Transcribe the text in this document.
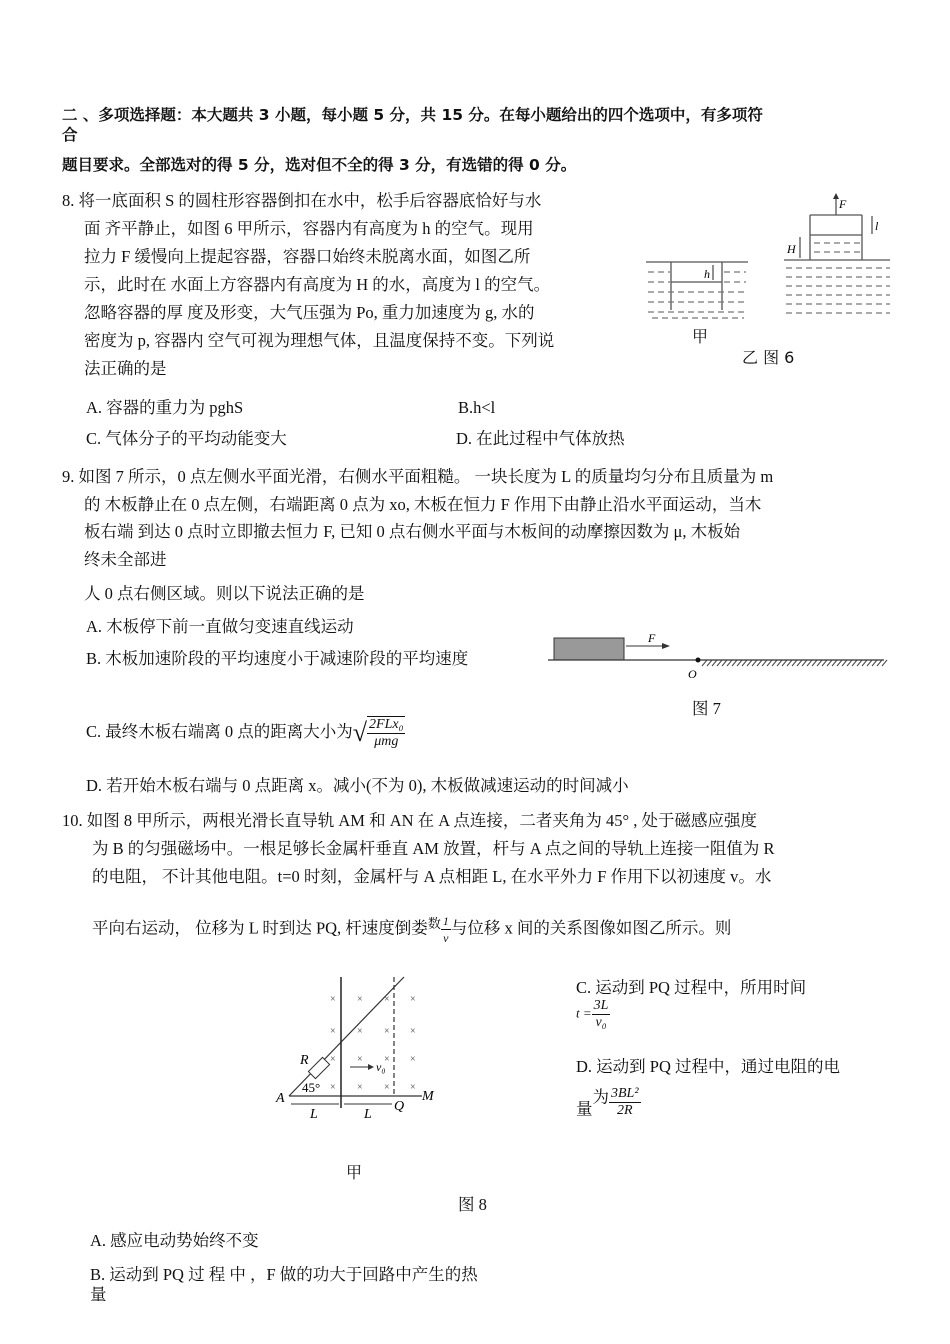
二 、多项选择题：本大题共 3 小题，每小题 5 分，共 15 分。在每小题给出的四个选项中，有多项符
合
题目要求。全部选对的得 5 分，选对但不全的得 3 分，有选错的得 0 分。
8. 将一底面积 S 的圆柱形容器倒扣在水中，松手后容器底恰好与水
面 齐平静止，如图 6 甲所示，容器内有高度为 h 的空气。现用
拉力 F 缓慢向上提起容器，容器口始终未脱离水面，如图乙所
示，此时在 水面上方容器内有高度为 H 的水，高度为 l 的空气。
忽略容器的厚 度及形变，大气压强为 Po, 重力加速度为 g, 水的
密度为 p, 容器内 空气可视为理想气体，且温度保持不变。下列说
法正确的是
A. 容器的重力为 pghS	B.h<l
C. 气体分子的平均动能变大	D. 在此过程中气体放热
F
l
H
h
甲
乙 图 6
9. 如图 7 所示，0 点左侧水平面光滑，右侧水平面粗糙。 一块长度为 L 的质量均匀分布且质量为 m
的 木板静止在 0 点左侧，右端距离 0 点为 xo, 木板在恒力 F 作用下由静止沿水平面运动，当木
板右端 到达 0 点时立即撤去恒力 F, 已知 0 点右侧水平面与木板间的动摩擦因数为 μ, 木板始
终未全部进
人 0 点右侧区域。则以下说法正确的是
A. 木板停下前一直做匀变速直线运动
B. 木板加速阶段的平均速度小于减速阶段的平均速度
C. 最终木板右端离 0 点的距离大小为√ $\frac{\text{2FLx₀}}{\text{μmg}}$
D. 若开始木板右端与 0 点距离 x。减小(不为 0), 木板做减速运动的时间减小
F
O
图 7
10. 如图 8 甲所示，两根光滑长直导轨 AM 和 AN 在 A 点连接，二者夹角为 45° , 处于磁感应强度
为 B 的匀强磁场中。一根足够长金属杆垂直 AM 放置，杆与 A 点之间的导轨上连接一阻值为 R
的电阻， 不计其他电阻。t=0 时刻，金属杆与 A 点相距 L, 在水平外力 F 作用下以初速度 v。水
平向右运动， 位移为 L 时到达 PQ, 杆速度倒娄$^数 \frac{1}{v}$ 与位移 x 间的关系图像如图乙所示。则
×
×
×
×
×
×
×
×
×
×
×
×
×
×
×
×
R
45°
A	M
Q
L	L
v₀
甲
图 8
C. 运动到 PQ 过程中，所用时间
$t = \frac{3L}{\text{v₀}}$
D. 运动到 PQ 过程中，通过电阻的电
量为 $\frac{\text{3BL²}}{2R}$
A. 感应电动势始终不变
B. 运动到 PQ 过 程 中 ，F 做的功大于回路中产生的热
量
